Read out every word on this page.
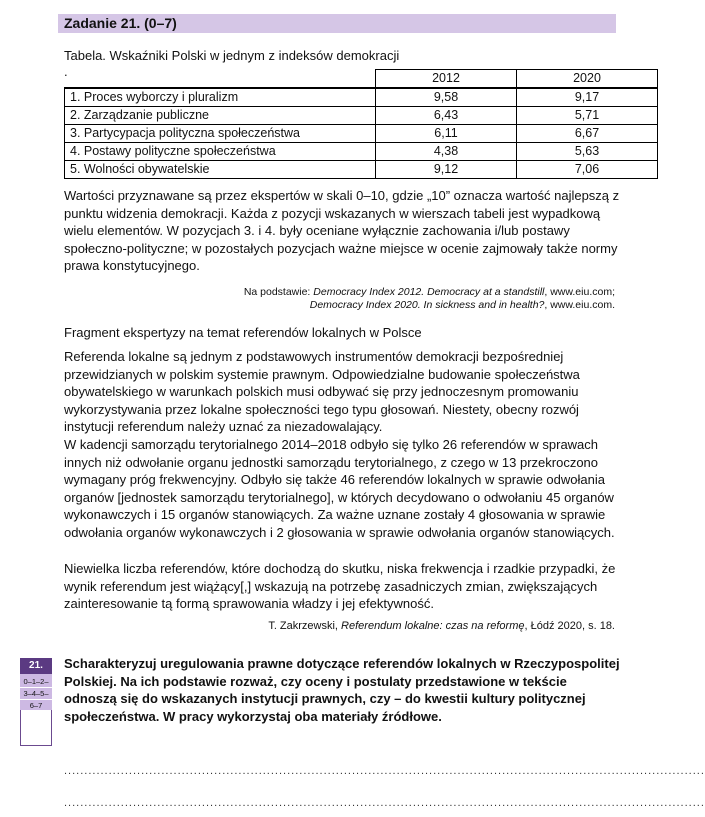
Zadanie 21. (0–7)
Tabela. Wskaźniki Polski w jednym z indeksów demokracji
.
		2012	2020
1. Proces wyborczy i pluralizm	9,58	9,17
2. Zarządzanie publiczne	6,43	5,71
3. Partycypacja polityczna społeczeństwa	6,11	6,67
4. Postawy polityczne społeczeństwa	4,38	5,63
5. Wolności obywatelskie	9,12	7,06
Wartości przyznawane są przez ekspertów w skali 0–10, gdzie „10” oznacza wartość najlepszą z punktu widzenia demokracji. Każda z pozycji wskazanych w wierszach tabeli jest wypadkową wielu elementów. W pozycjach 3. i 4. były oceniane wyłącznie zachowania i/lub postawy społeczno-polityczne; w pozostałych pozycjach ważne miejsce w ocenie zajmowały także normy prawa konstytucyjnego.
Na podstawie: Democracy Index 2012. Democracy at a standstill, www.eiu.com;
Democracy Index 2020. In sickness and in health?, www.eiu.com.
Fragment ekspertyzy na temat referendów lokalnych w Polsce
Referenda lokalne są jednym z podstawowych instrumentów demokracji bezpośredniej przewidzianych w polskim systemie prawnym. Odpowiedzialne budowanie społeczeństwa obywatelskiego w warunkach polskich musi odbywać się przy jednoczesnym promowaniu wykorzystywania przez lokalne społeczności tego typu głosowań. Niestety, obecny rozwój instytucji referendum należy uznać za niezadowalający.
W kadencji samorządu terytorialnego 2014–2018 odbyło się tylko 26 referendów w sprawach innych niż odwołanie organu jednostki samorządu terytorialnego, z czego w 13 przekroczono wymagany próg frekwencyjny. Odbyło się także 46 referendów lokalnych w sprawie odwołania organów [jednostek samorządu terytorialnego], w których decydowano o odwołaniu 45 organów wykonawczych i 15 organów stanowiących. Za ważne uznane zostały 4 głosowania w sprawie odwołania organów wykonawczych i 2 głosowania w sprawie odwołania organów stanowiących.
Niewielka liczba referendów, które dochodzą do skutku, niska frekwencja i rzadkie przypadki, że wynik referendum jest wiążący[,] wskazują na potrzebę zasadniczych zmian, zwiększających zainteresowanie tą formą sprawowania władzy i jej efektywność.
T. Zakrzewski, Referendum lokalne: czas na reformę, Łódź 2020, s. 18.
21.
0–1–2–
3–4–5–
6–7
Scharakteryzuj uregulowania prawne dotyczące referendów lokalnych w Rzeczypospolitej Polskiej. Na ich podstawie rozważ, czy oceny i postulaty przedstawione w tekście odnoszą się do wskazanych instytucji prawnych, czy – do kwestii kultury politycznej społeczeństwa. W pracy wykorzystaj oba materiały źródłowe.
..............................................................................................................................................................
..............................................................................................................................................................
